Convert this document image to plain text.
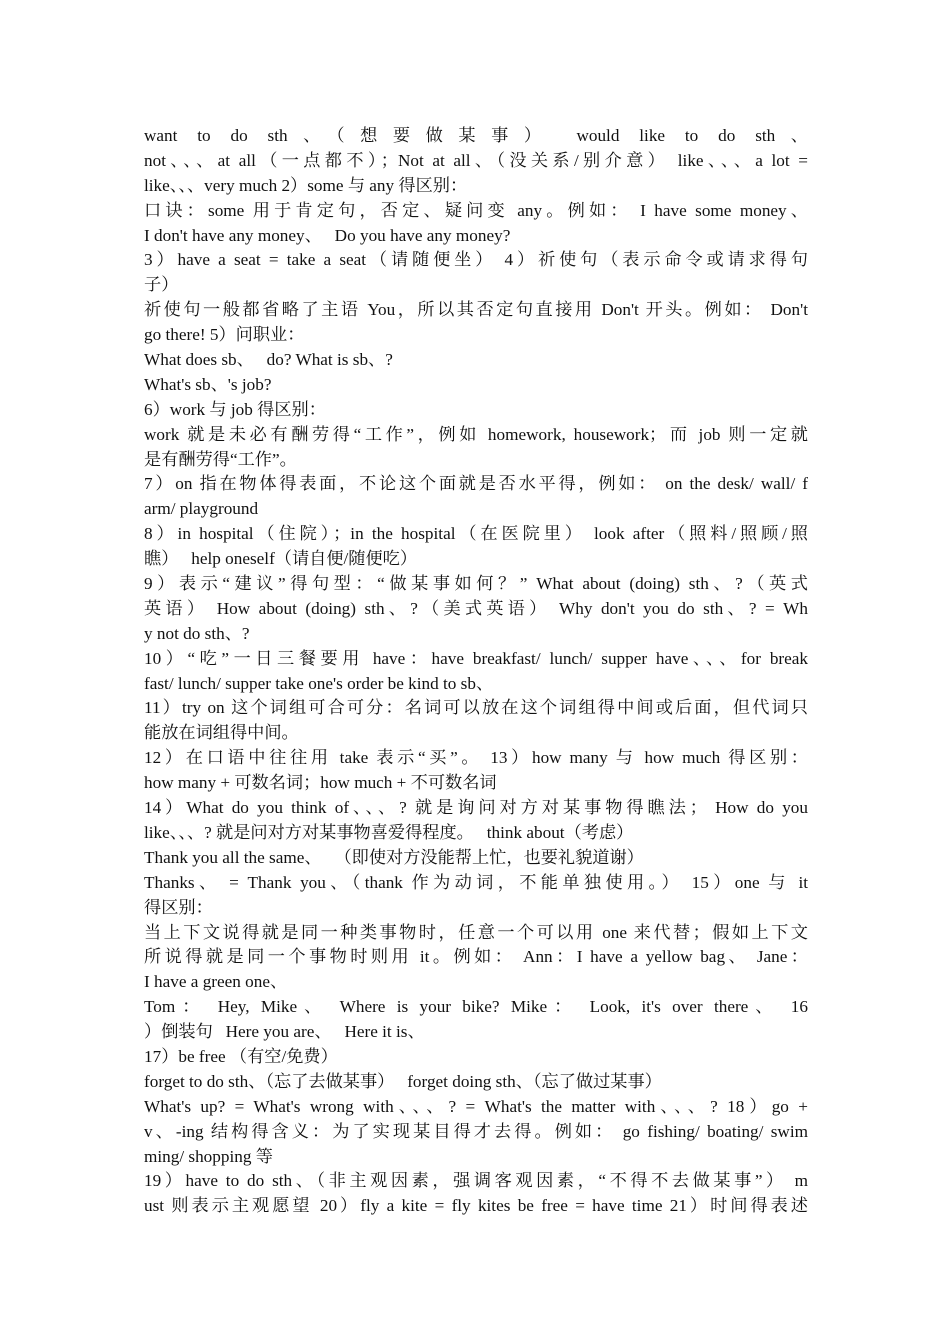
want to do sth、（想要做某事） would like to do sth、
not、、、at all（一点都不）；Not at all、（没关系/别介意） like、、、a lot =
like、、、very much 2）some 与 any 得区别：
口诀：some 用于肯定句，否定、疑问变 any。例如： I have some money、
I don't have any money、   Do you have any money?
3）have a seat = take a seat（请随便坐） 4）祈使句（表示命令或请求得句
子）
祈使句一般都省略了主语 You，所以其否定句直接用 Don't 开头。例如： Don't
go there! 5）问职业：
What does sb、   do? What is sb、?
What's sb、's job?
6）work 与 job 得区别：
work 就是未必有酬劳得“工作”，例如 homework, housework；而 job 则一定就
是有酬劳得“工作”。
7）on 指在物体得表面，不论这个面就是否水平得，例如： on the desk/ wall/ f
arm/ playground
8）in hospital（住院）；in the hospital（在医院里） look after（照料/照顾/照
瞧）   help oneself（请自便/随便吃）
9）表示“建议”得句型：“做某事如何？” What about (doing) sth、?（英式
英语） How about (doing) sth、?（美式英语） Why don't you do sth、? = Wh
y not do sth、?
10）“吃”一日三餐要用 have：have breakfast/ lunch/ supper have、、、for break
fast/ lunch/ supper take one's order be kind to sb、
11）try on 这个词组可合可分：名词可以放在这个词组得中间或后面，但代词只
能放在词组得中间。
12）在口语中往往用 take 表示“买”。 13）how many 与 how much 得区别：
how many + 可数名词；how much + 不可数名词
14）What do you think of、、、? 就是询问对方对某事物得瞧法； How do you
like、、、? 就是问对方对某事物喜爱得程度。   think about（考虑）
Thank you all the same、   （即使对方没能帮上忙，也要礼貌道谢）
Thanks、 = Thank you、（thank 作为动词，不能单独使用。） 15）one 与 it
得区别：
当上下文说得就是同一种类事物时，任意一个可以用 one 来代替；假如上下文
所说得就是同一个事物时则用 it。例如： Ann：I have a yellow bag、 Jane：
I have a green one、
Tom： Hey, Mike、 Where is your bike? Mike： Look, it's over there、 16
）倒装句   Here you are、   Here it is、
17）be free （有空/免费）
forget to do sth、（忘了去做某事）   forget doing sth、（忘了做过某事）
What's up? = What's wrong with、、、? = What's the matter with、、、? 18）go +
v、-ing 结构得含义：为了实现某目得才去得。例如： go fishing/ boating/ swim
ming/ shopping 等
19）have to do sth、（非主观因素，强调客观因素，“不得不去做某事”） m
ust 则表示主观愿望 20）fly a kite = fly kites be free = have time 21）时间得表述
